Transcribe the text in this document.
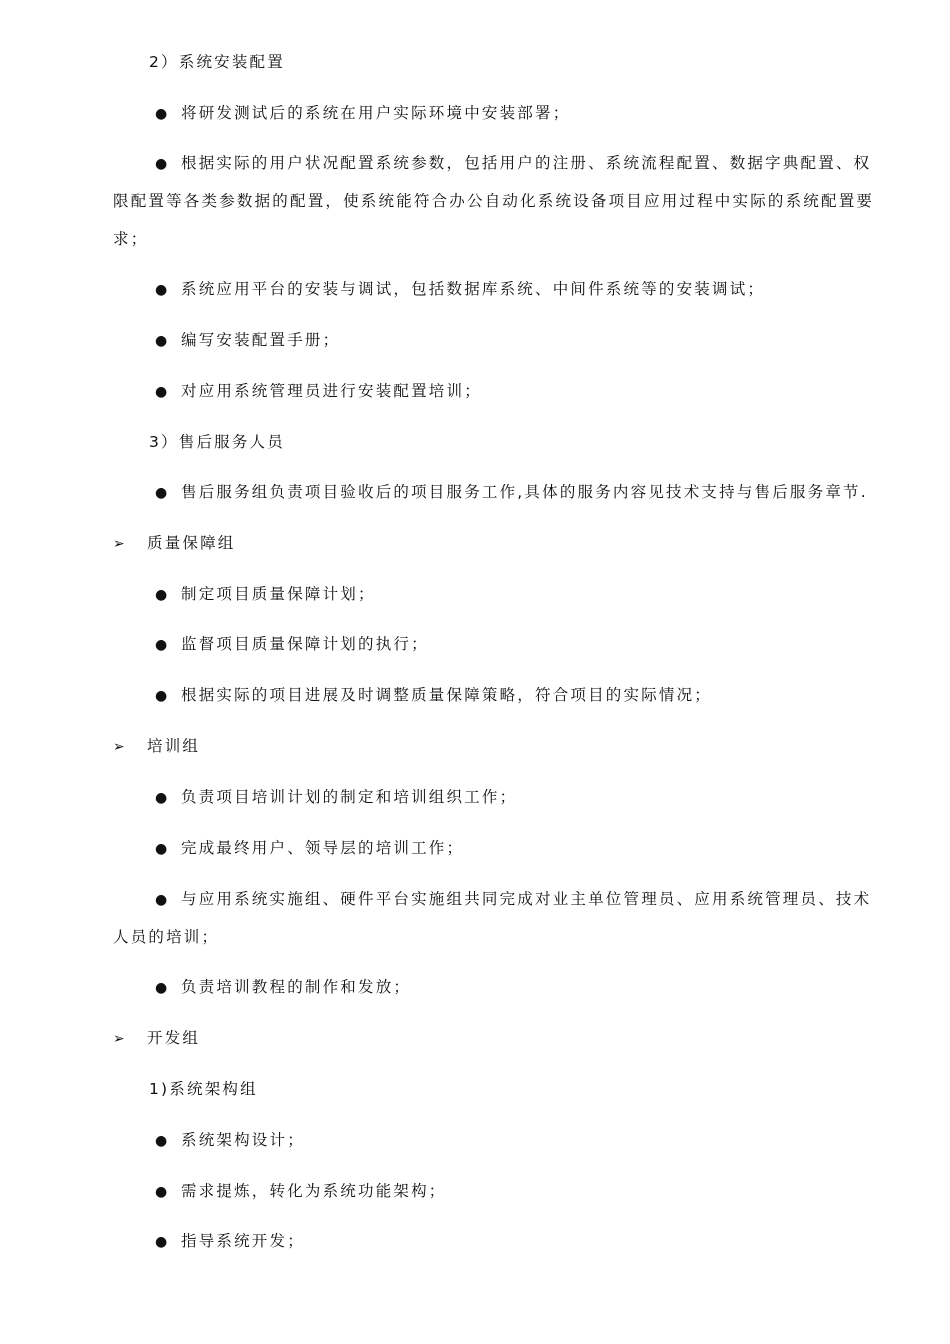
2）系统安装配置
● 将研发测试后的系统在用户实际环境中安装部署；
● 根据实际的用户状况配置系统参数，包括用户的注册、系统流程配置、数据字典配置、权
限配置等各类参数据的配置，使系统能符合办公自动化系统设备项目应用过程中实际的系统配置要
求；
● 系统应用平台的安装与调试，包括数据库系统、中间件系统等的安装调试；
● 编写安装配置手册；
● 对应用系统管理员进行安装配置培训；
3）售后服务人员
● 售后服务组负责项目验收后的项目服务工作,具体的服务内容见技术支持与售后服务章节.
➢ 质量保障组
● 制定项目质量保障计划；
● 监督项目质量保障计划的执行；
● 根据实际的项目进展及时调整质量保障策略，符合项目的实际情况；
➢ 培训组
● 负责项目培训计划的制定和培训组织工作；
● 完成最终用户、领导层的培训工作；
● 与应用系统实施组、硬件平台实施组共同完成对业主单位管理员、应用系统管理员、技术
人员的培训；
● 负责培训教程的制作和发放；
➢ 开发组
1)系统架构组
● 系统架构设计；
● 需求提炼，转化为系统功能架构；
● 指导系统开发；
